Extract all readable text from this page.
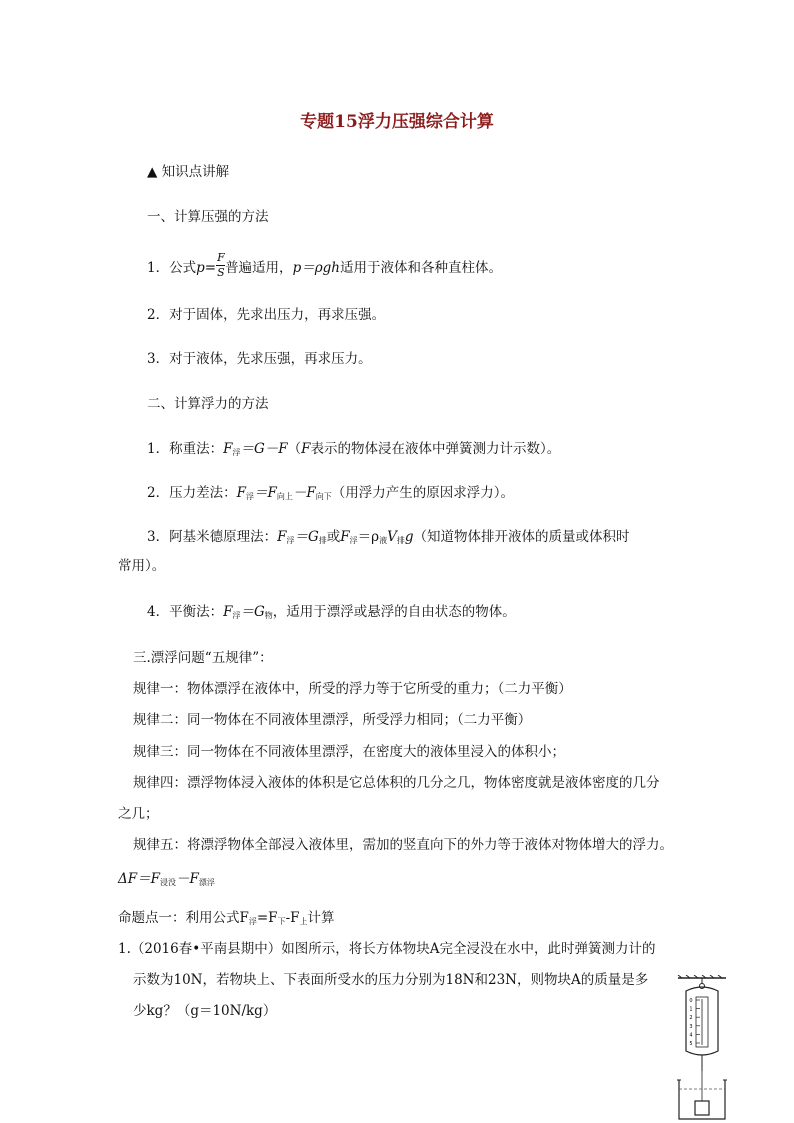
专题15浮力压强综合计算
▲ 知识点讲解
一、计算压强的方法
1．公式$p= \frac{F}{S}$ 普遍适用，p＝ρgh适用于液体和各种直柱体。
2．对于固体，先求出压力，再求压强。
3．对于液体，先求压强，再求压力。
二、计算浮力的方法
1．称重法：$F_浮=G-F(F$表示的物体浸在液体中弹簧测力计示数）。
2．压力差法：$F_浮=F_{向上}-F_{向下}$（用浮力产生的原因求浮力）。
3．阿基米德原理法：$F_浮=G_排$或$F_浮=\rho_液V_排g$（知道物体排开液体的质量或体积时
常用）。
4．平衡法：$F_浮=G_物$，适用于漂浮或悬浮的自由状态的物体。
三.漂浮问题“五规律”：
规律一：物体漂浮在液体中，所受的浮力等于它所受的重力；（二力平衡）
规律二：同一物体在不同液体里漂浮，所受浮力相同；（二力平衡）
规律三：同一物体在不同液体里漂浮，在密度大的液体里浸入的体积小；
规律四：漂浮物体浸入液体的体积是它总体积的几分之几，物体密度就是液体密度的几分
之几；
规律五：将漂浮物体全部浸入液体里，需加的竖直向下的外力等于液体对物体增大的浮力。
$\Delta F=F_{浸没}-F_{漂浮}$
命题点一：利用公式$F_浮=F_下-F_上$计算
1.（2016春•平南县期中）如图所示，将长方体物块A完全浸没在水中，此时弹簧测力计的
示数为10N，若物块上、下表面所受水的压力分别为18N和23N，则物块A的质量是多
少kg？（g＝10N/kg）
0
1
2
3
4
5
